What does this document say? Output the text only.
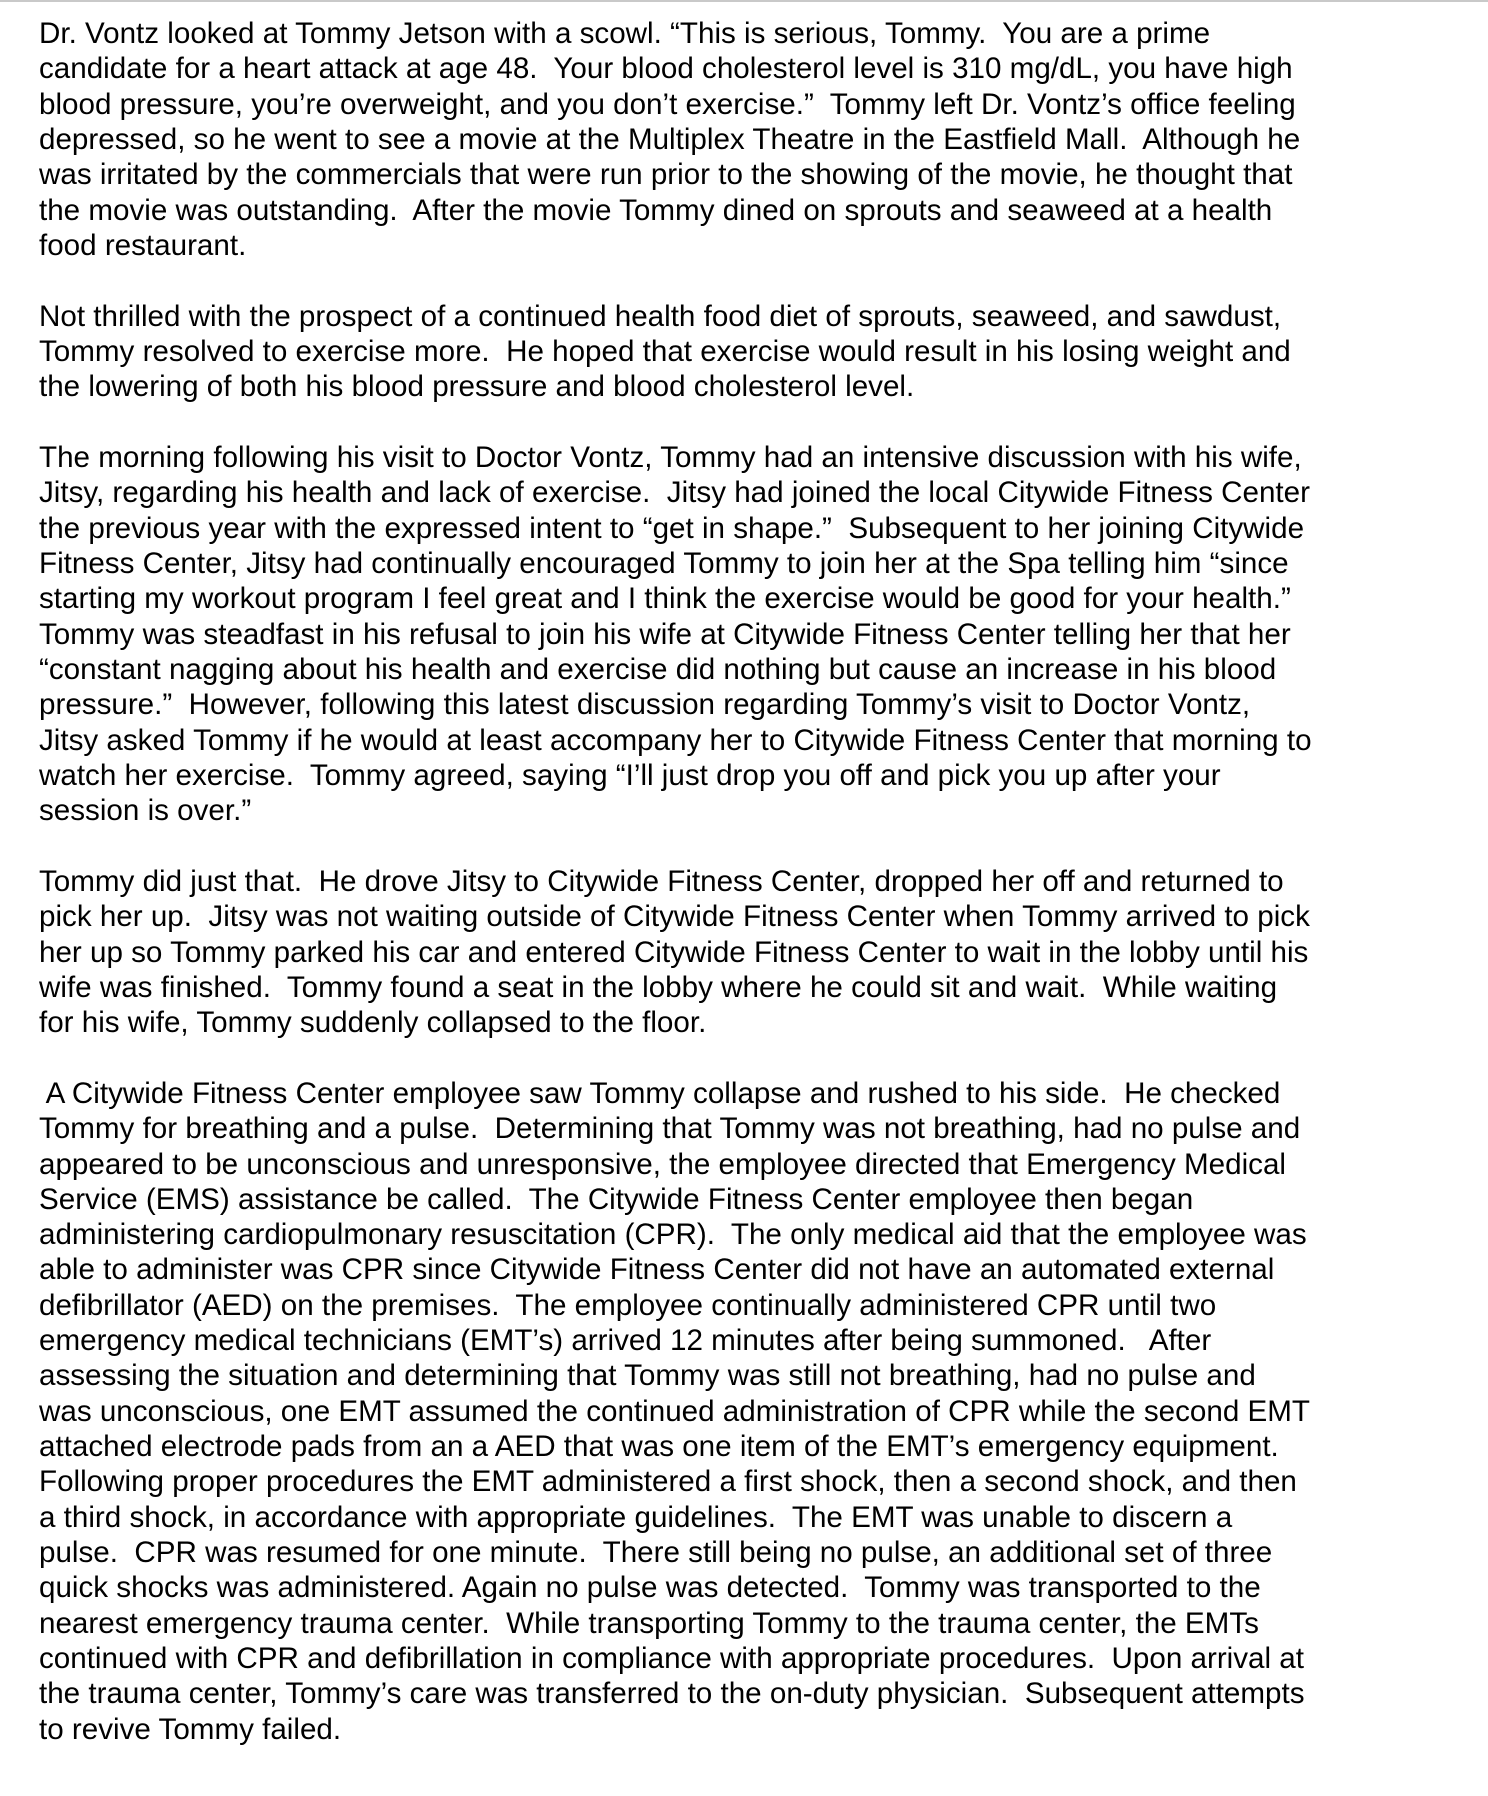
Dr. Vontz looked at Tommy Jetson with a scowl. “This is serious, Tommy.  You are a prime
candidate for a heart attack at age 48.  Your blood cholesterol level is 310 mg/dL, you have high
blood pressure, you’re overweight, and you don’t exercise.”  Tommy left Dr. Vontz’s office feeling
depressed, so he went to see a movie at the Multiplex Theatre in the Eastfield Mall.  Although he
was irritated by the commercials that were run prior to the showing of the movie, he thought that
the movie was outstanding.  After the movie Tommy dined on sprouts and seaweed at a health
food restaurant.
Not thrilled with the prospect of a continued health food diet of sprouts, seaweed, and sawdust,
Tommy resolved to exercise more.  He hoped that exercise would result in his losing weight and
the lowering of both his blood pressure and blood cholesterol level.
The morning following his visit to Doctor Vontz, Tommy had an intensive discussion with his wife,
Jitsy, regarding his health and lack of exercise.  Jitsy had joined the local Citywide Fitness Center
the previous year with the expressed intent to “get in shape.”  Subsequent to her joining Citywide
Fitness Center, Jitsy had continually encouraged Tommy to join her at the Spa telling him “since
starting my workout program I feel great and I think the exercise would be good for your health.”
Tommy was steadfast in his refusal to join his wife at Citywide Fitness Center telling her that her
“constant nagging about his health and exercise did nothing but cause an increase in his blood
pressure.”  However, following this latest discussion regarding Tommy’s visit to Doctor Vontz,
Jitsy asked Tommy if he would at least accompany her to Citywide Fitness Center that morning to
watch her exercise.  Tommy agreed, saying “I’ll just drop you off and pick you up after your
session is over.”
Tommy did just that.  He drove Jitsy to Citywide Fitness Center, dropped her off and returned to
pick her up.  Jitsy was not waiting outside of Citywide Fitness Center when Tommy arrived to pick
her up so Tommy parked his car and entered Citywide Fitness Center to wait in the lobby until his
wife was finished.  Tommy found a seat in the lobby where he could sit and wait.  While waiting
for his wife, Tommy suddenly collapsed to the floor.
A Citywide Fitness Center employee saw Tommy collapse and rushed to his side.  He checked
Tommy for breathing and a pulse.  Determining that Tommy was not breathing, had no pulse and
appeared to be unconscious and unresponsive, the employee directed that Emergency Medical
Service (EMS) assistance be called.  The Citywide Fitness Center employee then began
administering cardiopulmonary resuscitation (CPR).  The only medical aid that the employee was
able to administer was CPR since Citywide Fitness Center did not have an automated external
defibrillator (AED) on the premises.  The employee continually administered CPR until two
emergency medical technicians (EMT’s) arrived 12 minutes after being summoned.   After
assessing the situation and determining that Tommy was still not breathing, had no pulse and
was unconscious, one EMT assumed the continued administration of CPR while the second EMT
attached electrode pads from an a AED that was one item of the EMT’s emergency equipment.
Following proper procedures the EMT administered a first shock, then a second shock, and then
a third shock, in accordance with appropriate guidelines.  The EMT was unable to discern a
pulse.  CPR was resumed for one minute.  There still being no pulse, an additional set of three
quick shocks was administered. Again no pulse was detected.  Tommy was transported to the
nearest emergency trauma center.  While transporting Tommy to the trauma center, the EMTs
continued with CPR and defibrillation in compliance with appropriate procedures.  Upon arrival at
the trauma center, Tommy’s care was transferred to the on-duty physician.  Subsequent attempts
to revive Tommy failed.
